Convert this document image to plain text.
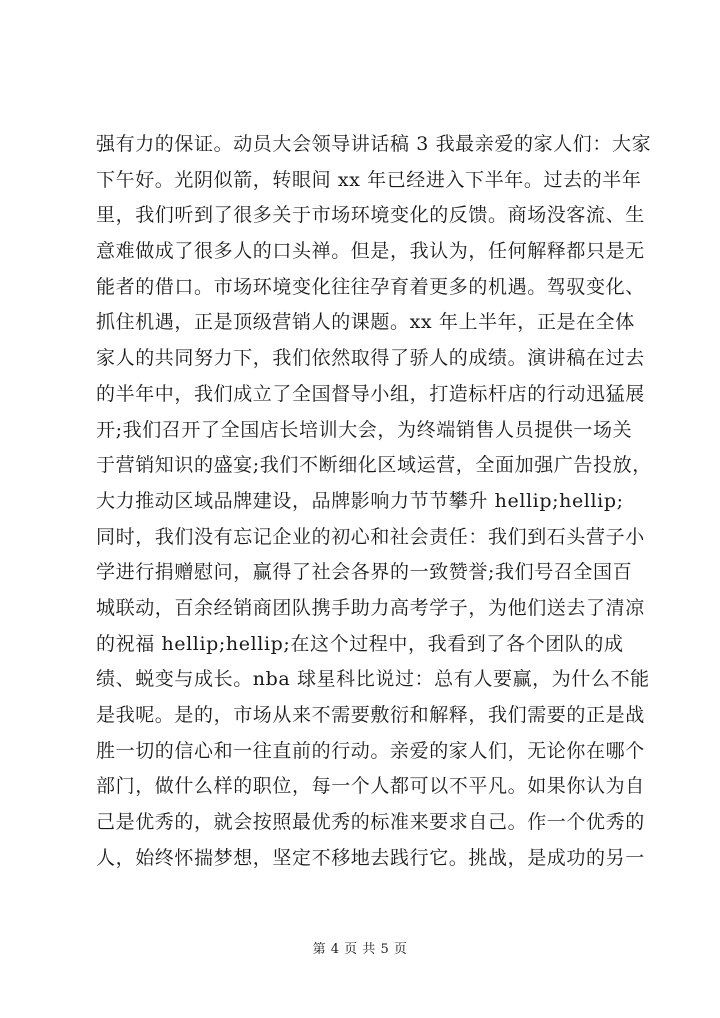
强有力的保证。动员大会领导讲话稿 3 我最亲爱的家人们：大家
下午好。光阴似箭，转眼间 xx 年已经进入下半年。过去的半年
里，我们听到了很多关于市场环境变化的反馈。商场没客流、生
意难做成了很多人的口头禅。但是，我认为，任何解释都只是无
能者的借口。市场环境变化往往孕育着更多的机遇。驾驭变化、
抓住机遇，正是顶级营销人的课题。xx 年上半年，正是在全体
家人的共同努力下，我们依然取得了骄人的成绩。演讲稿在过去
的半年中，我们成立了全国督导小组，打造标杆店的行动迅猛展
开;我们召开了全国店长培训大会，为终端销售人员提供一场关
于营销知识的盛宴;我们不断细化区域运营，全面加强广告投放，
大力推动区域品牌建设，品牌影响力节节攀升 hellip;hellip;
同时，我们没有忘记企业的初心和社会责任：我们到石头营子小
学进行捐赠慰问，赢得了社会各界的一致赞誉;我们号召全国百
城联动，百余经销商团队携手助力高考学子，为他们送去了清凉
的祝福 hellip;hellip;在这个过程中，我看到了各个团队的成
绩、蜕变与成长。nba 球星科比说过：总有人要赢，为什么不能
是我呢。是的，市场从来不需要敷衍和解释，我们需要的正是战
胜一切的信心和一往直前的行动。亲爱的家人们，无论你在哪个
部门，做什么样的职位，每一个人都可以不平凡。如果你认为自
己是优秀的，就会按照最优秀的标准来要求自己。作一个优秀的
人，始终怀揣梦想，坚定不移地去践行它。挑战，是成功的另一
第 4 页 共 5 页
